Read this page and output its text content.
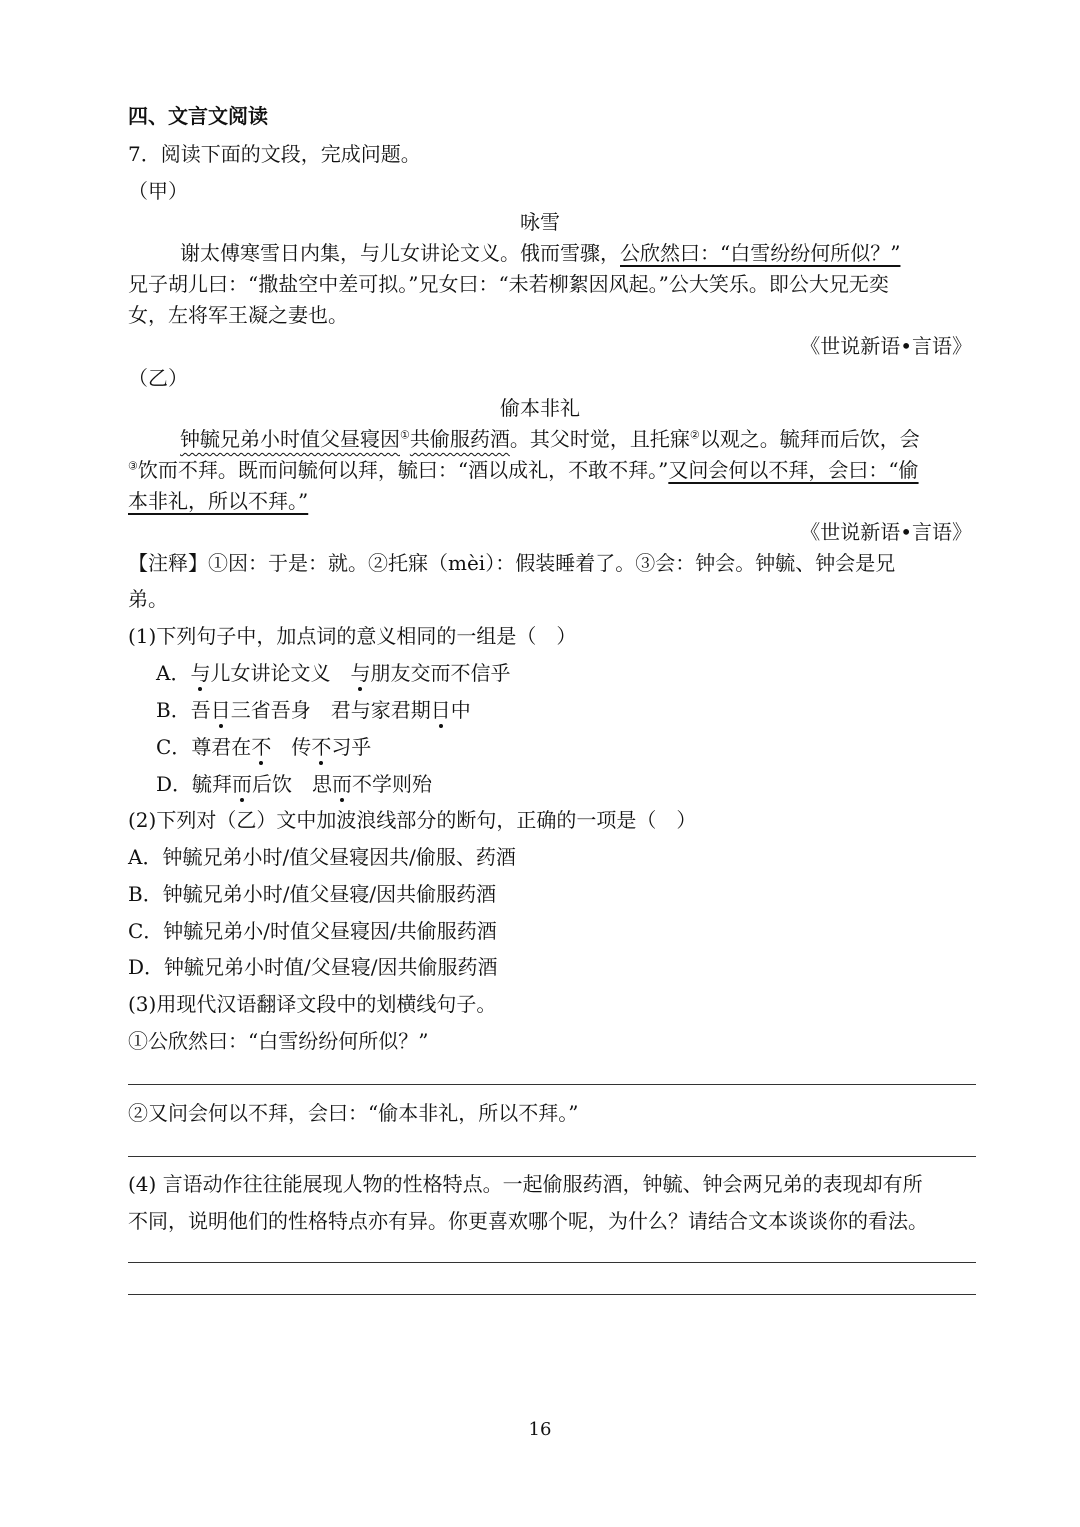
四、文言文阅读
7．阅读下面的文段，完成问题。
（甲）
咏雪
谢太傅寒雪日内集，与儿女讲论文义。俄而雪骤，公欣然曰：“白雪纷纷何所似？”
兄子胡儿曰：“撒盐空中差可拟。”兄女曰：“未若柳絮因风起。”公大笑乐。即公大兄无奕
女，左将军王凝之妻也。
《世说新语•言语》
（乙）
偷本非礼
钟毓兄弟小时值父昼寝因①共偷服药酒。其父时觉，且托寐②以观之。毓拜而后饮，会
③饮而不拜。既而问毓何以拜，毓曰：“酒以成礼，不敢不拜。”又问会何以不拜，会曰：“偷
本非礼，所以不拜。”
《世说新语•言语》
【注释】①因：于是：就。②托寐（mèi）：假装睡着了。③会：钟会。钟毓、钟会是兄
弟。
(1)下列句子中，加点词的意义相同的一组是（　）
A．与儿女讲论文义　与朋友交而不信乎
B．吾日三省吾身　君与家君期日中
C．尊君在不　传不习乎
D．毓拜而后饮　思而不学则殆
(2)下列对（乙）文中加波浪线部分的断句，正确的一项是（　）
A．钟毓兄弟小时/值父昼寝因共/偷服、药酒
B．钟毓兄弟小时/值父昼寝/因共偷服药酒
C．钟毓兄弟小/时值父昼寝因/共偷服药酒
D．钟毓兄弟小时值/父昼寝/因共偷服药酒
(3)用现代汉语翻译文段中的划横线句子。
①公欣然曰：“白雪纷纷何所似？”
②又问会何以不拜，会曰：“偷本非礼，所以不拜。”
(4) 言语动作往往能展现人物的性格特点。一起偷服药酒，钟毓、钟会两兄弟的表现却有所
不同，说明他们的性格特点亦有异。你更喜欢哪个呢，为什么？请结合文本谈谈你的看法。
16
